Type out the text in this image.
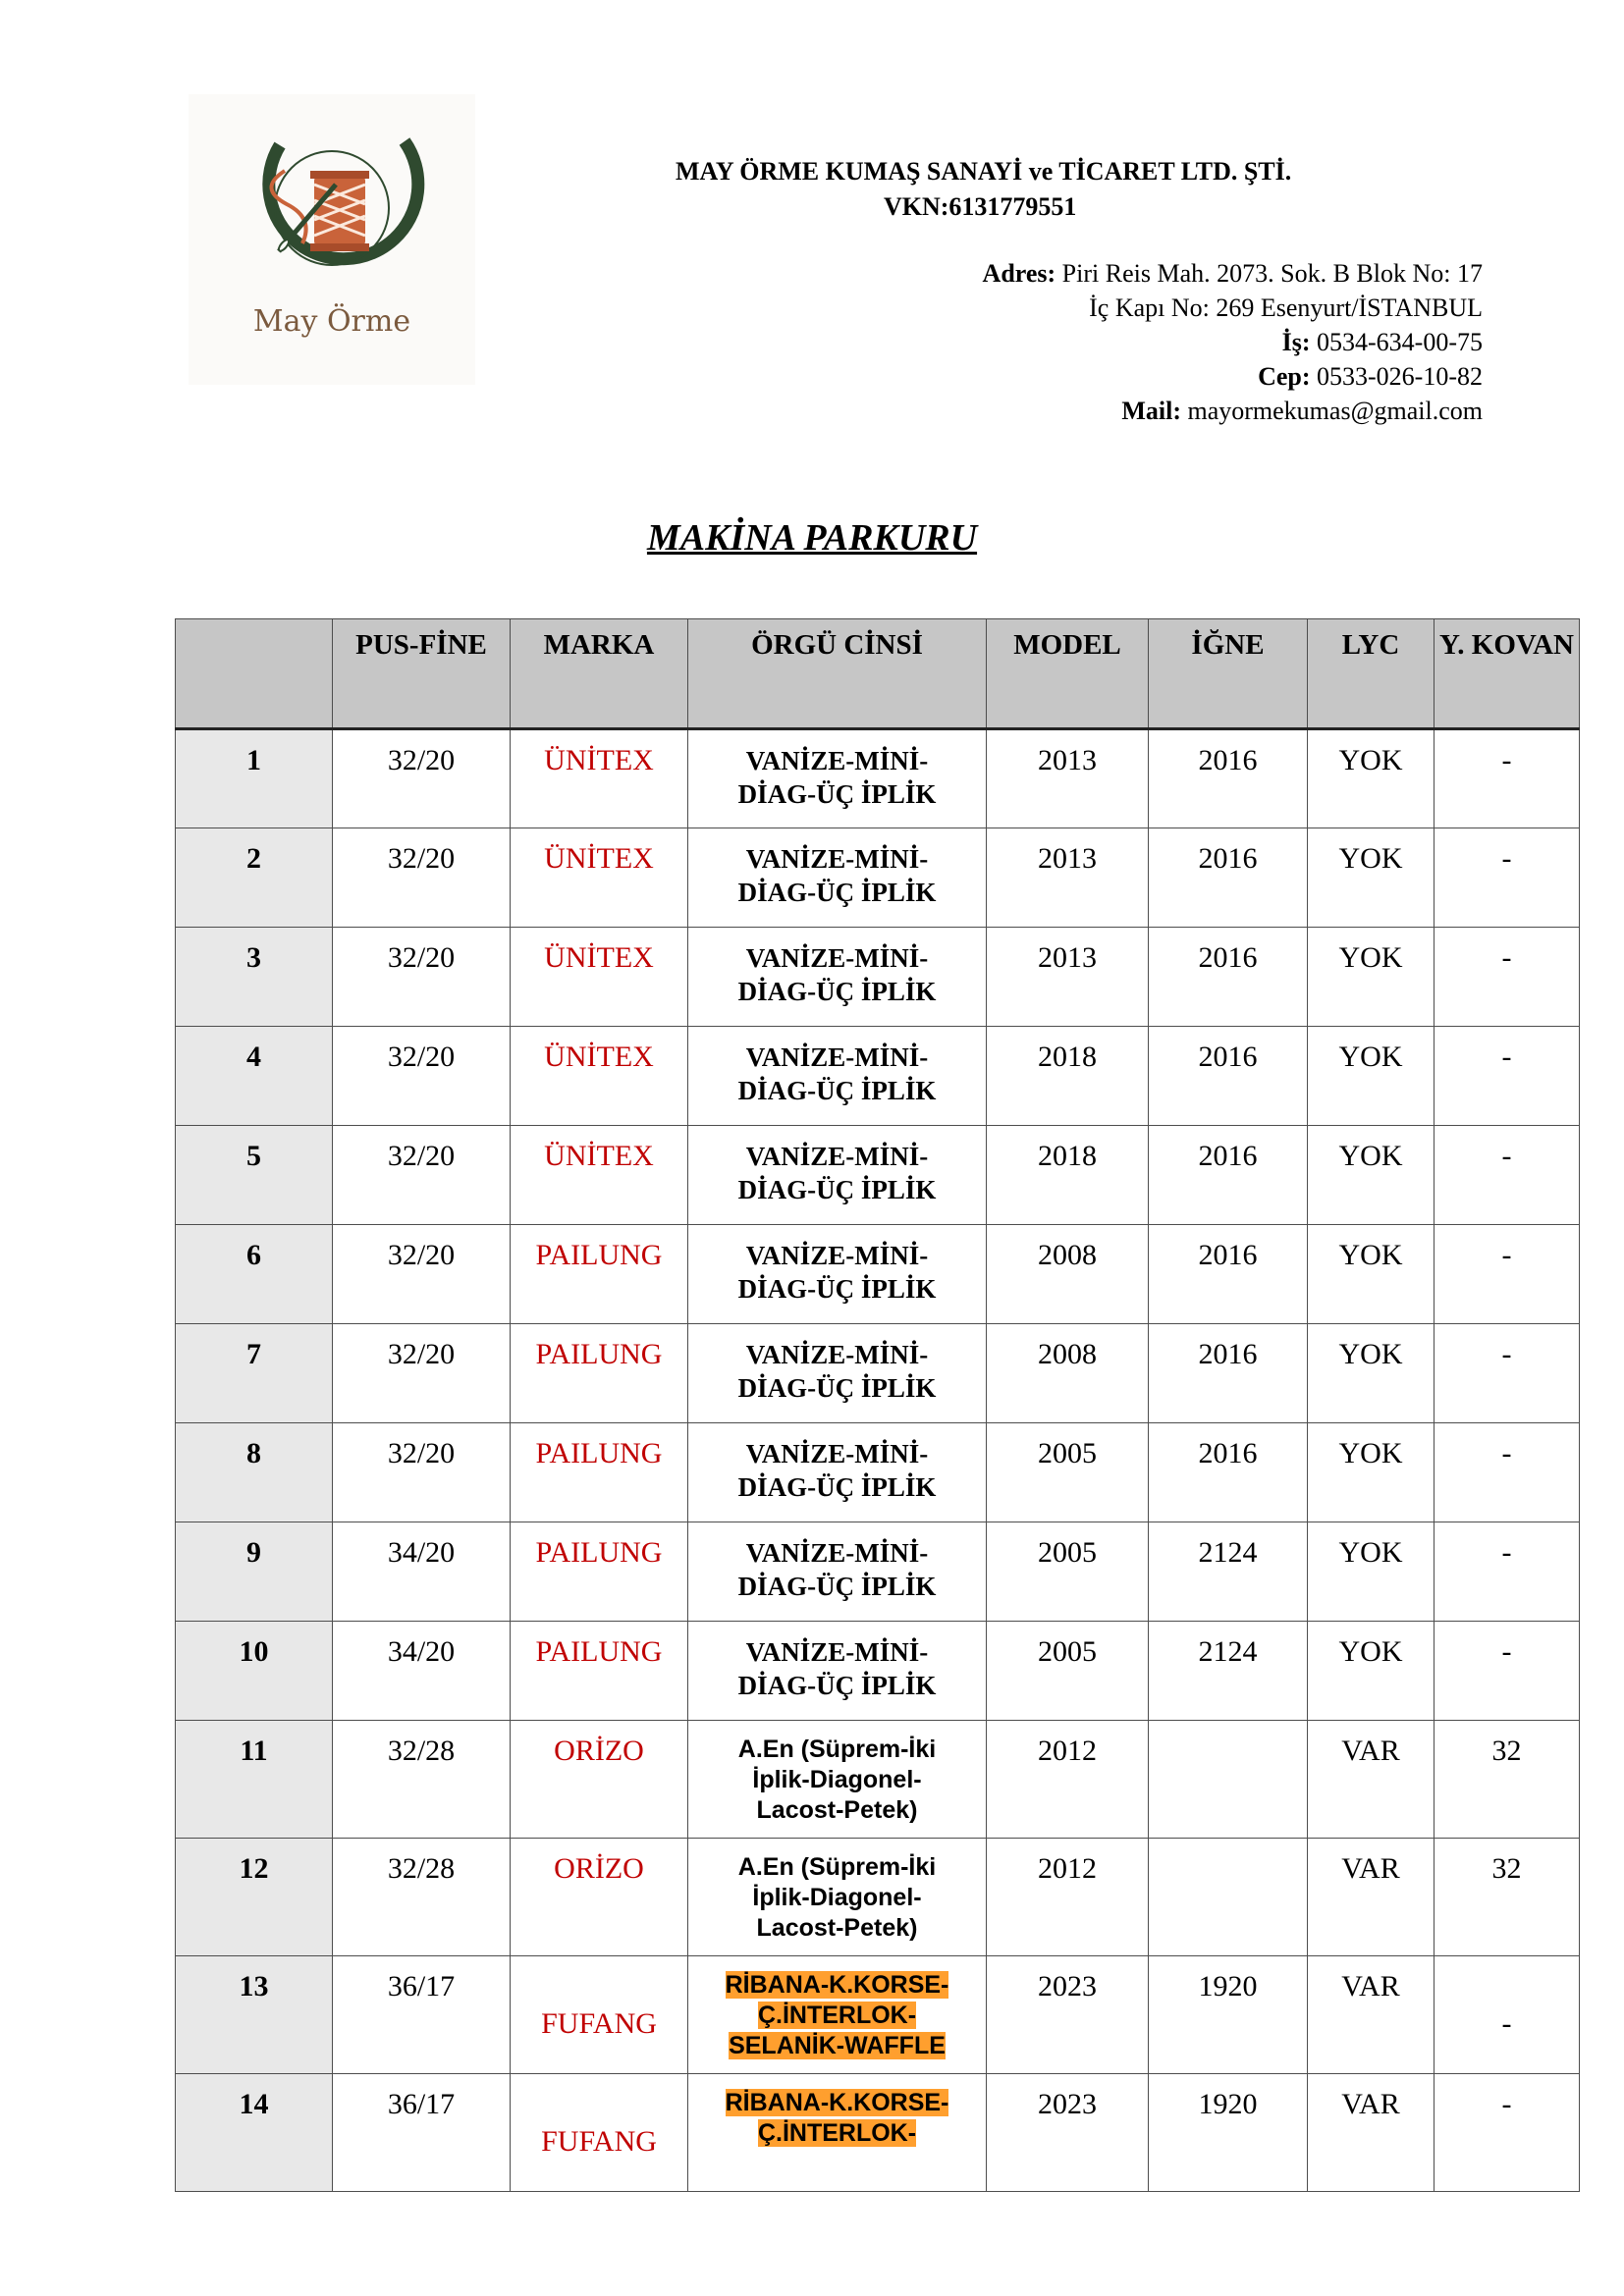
May Örme
MAY ÖRME KUMAŞ SANAYİ ve TİCARET LTD. ŞTİ.
VKN:6131779551
Adres: Piri Reis Mah. 2073. Sok. B Blok No: 17
İç Kapı No: 269 Esenyurt/İSTANBUL
İş: 0534-634-00-75
Cep: 0533-026-10-82
Mail: mayormekumas@gmail.com
MAKİNA PARKURU
	PUS-FİNE	MARKA	ÖRGÜ CİNSİ	MODEL	İĞNE	LYC	Y. KOVAN
1	32/20	ÜNİTEX	VANİZE-MİNİ-
DİAG-ÜÇ İPLİK	2013	2016	YOK	-
2	32/20	ÜNİTEX	VANİZE-MİNİ-
DİAG-ÜÇ İPLİK	2013	2016	YOK	-
3	32/20	ÜNİTEX	VANİZE-MİNİ-
DİAG-ÜÇ İPLİK	2013	2016	YOK	-
4	32/20	ÜNİTEX	VANİZE-MİNİ-
DİAG-ÜÇ İPLİK	2018	2016	YOK	-
5	32/20	ÜNİTEX	VANİZE-MİNİ-
DİAG-ÜÇ İPLİK	2018	2016	YOK	-
6	32/20	PAILUNG	VANİZE-MİNİ-
DİAG-ÜÇ İPLİK	2008	2016	YOK	-
7	32/20	PAILUNG	VANİZE-MİNİ-
DİAG-ÜÇ İPLİK	2008	2016	YOK	-
8	32/20	PAILUNG	VANİZE-MİNİ-
DİAG-ÜÇ İPLİK	2005	2016	YOK	-
9	34/20	PAILUNG	VANİZE-MİNİ-
DİAG-ÜÇ İPLİK	2005	2124	YOK	-
10	34/20	PAILUNG	VANİZE-MİNİ-
DİAG-ÜÇ İPLİK	2005	2124	YOK	-
11	32/28	ORİZO	A.En (Süprem-İki
İplik-Diagonel-
Lacost-Petek)	2012		VAR	32
12	32/28	ORİZO	A.En (Süprem-İki
İplik-Diagonel-
Lacost-Petek)	2012		VAR	32
13	36/17	FUFANG	RİBANA-K.KORSE-
Ç.İNTERLOK-
SELANİK-WAFFLE	2023	1920	VAR	-
14	36/17	FUFANG	RİBANA-K.KORSE-
Ç.İNTERLOK-	2023	1920	VAR	-
